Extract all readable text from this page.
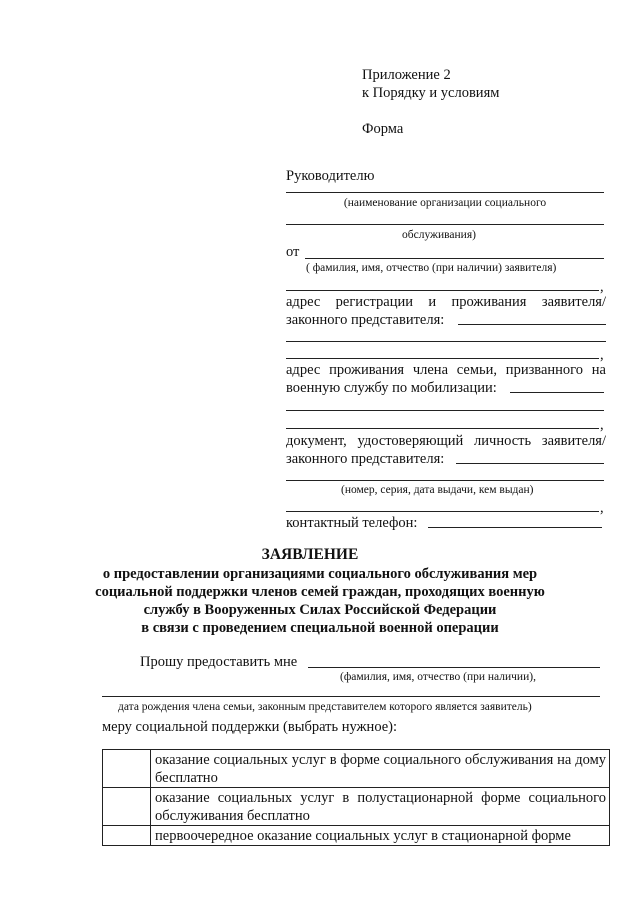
Приложение 2
к Порядку и условиям
Форма
Руководителю
(наименование организации социального
обслуживания)
от
( фамилия, имя, отчество (при наличии) заявителя)
,
адрес регистрации и проживания заявителя/
законного представителя:
,
адрес проживания члена семьи, призванного на
военную службу по мобилизации:
,
документ, удостоверяющий личность заявителя/
законного представителя:
(номер, серия, дата выдачи, кем выдан)
,
контактный телефон:
ЗАЯВЛЕНИЕ
о предоставлении организациями социального обслуживания мер
социальной поддержки членов семей граждан, проходящих военную
службу в Вооруженных Силах Российской Федерации
в связи с проведением специальной военной операции
Прошу предоставить мне
(фамилия, имя, отчество (при наличии),
дата рождения члена семьи, законным представителем которого является заявитель)
меру социальной поддержки (выбрать нужное):
	оказание социальных услуг в форме социального обслуживания на дому бесплатно
	оказание социальных услуг в полустационарной форме социального обслуживания бесплатно
	первоочередное оказание социальных услуг в стационарной форме
